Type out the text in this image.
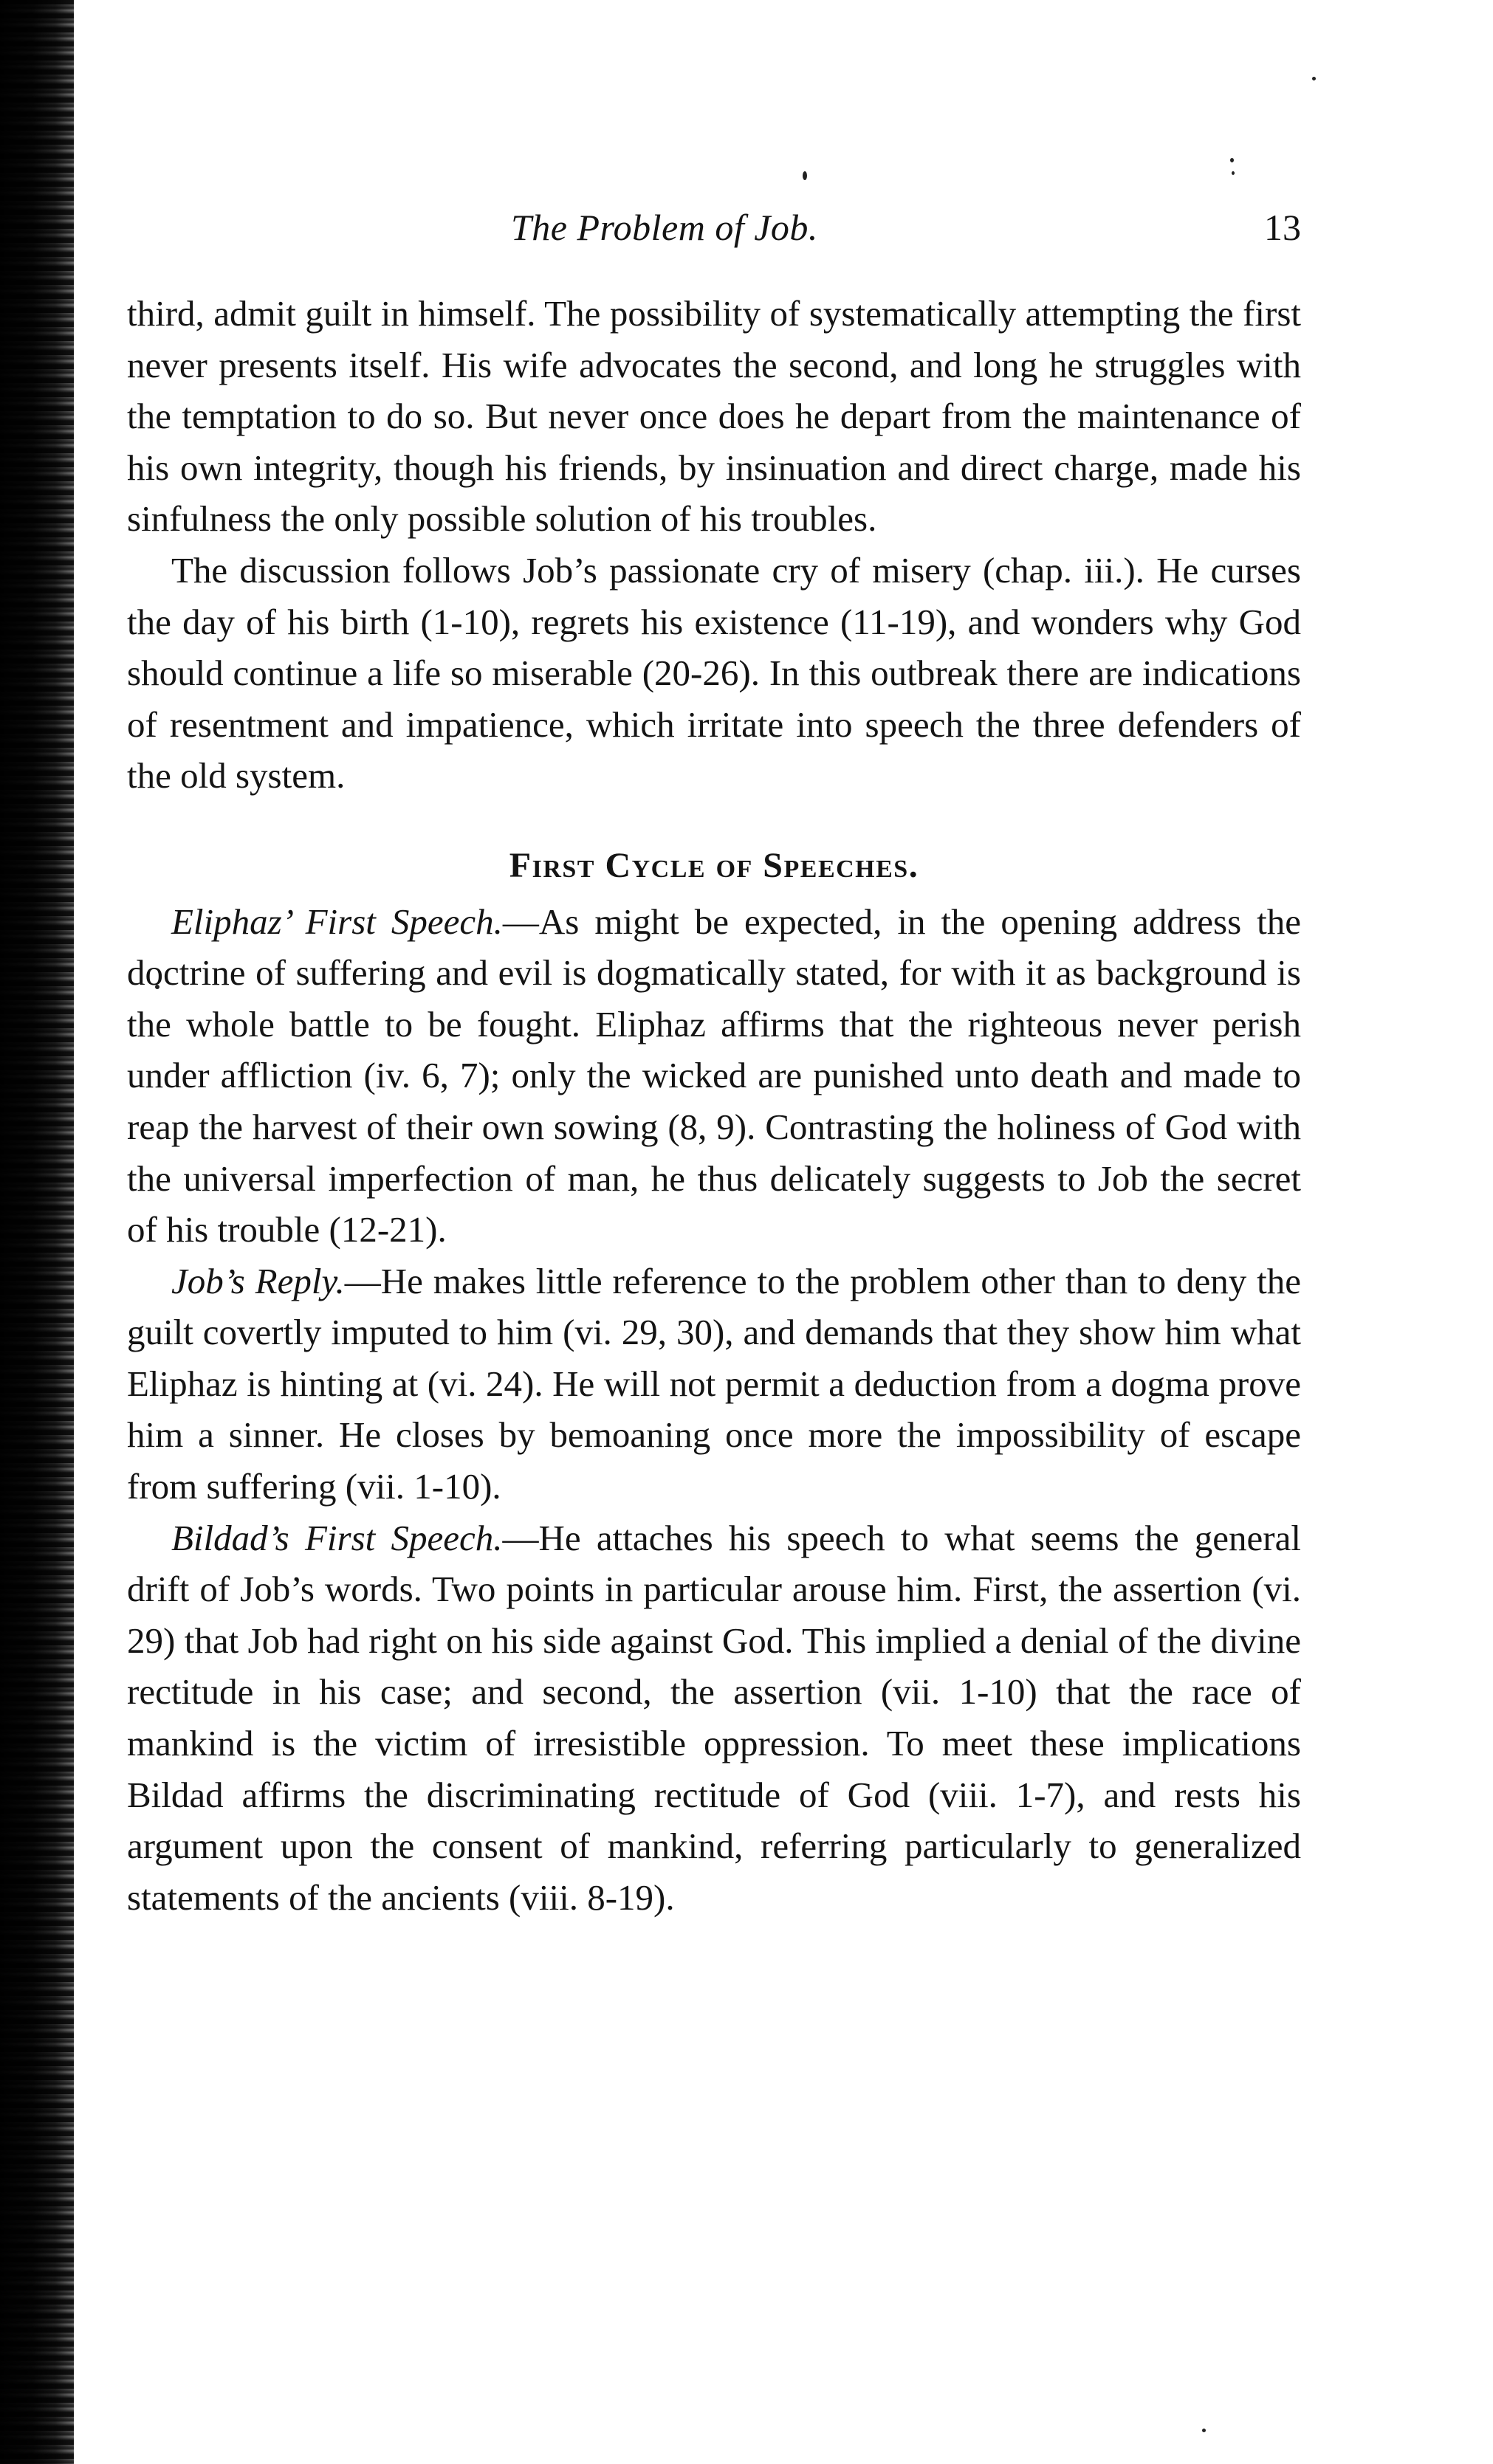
The Problem of Job.	13

third, admit guilt in himself. The possibility of systematically attempting the first never presents itself. His wife advocates the second, and long he struggles with the temptation to do so. But never once does he depart from the maintenance of his own integrity, though his friends, by insinuation and direct charge, made his sinfulness the only possible solution of his troubles.

The discussion follows Job’s passionate cry of misery (chap. iii.). He curses the day of his birth (1-10), regrets his existence (11-19), and wonders why God should continue a life so miserable (20-26). In this outbreak there are indications of resentment and impatience, which irritate into speech the three defenders of the old system.

First Cycle of Speeches.

Eliphaz’ First Speech.—As might be expected, in the opening address the doctrine of suffering and evil is dogmatically stated, for with it as background is the whole battle to be fought. Eliphaz affirms that the righteous never perish under affliction (iv. 6, 7); only the wicked are punished unto death and made to reap the harvest of their own sowing (8, 9). Contrasting the holiness of God with the universal imperfection of man, he thus delicately suggests to Job the secret of his trouble (12-21).

Job’s Reply.—He makes little reference to the problem other than to deny the guilt covertly imputed to him (vi. 29, 30), and demands that they show him what Eliphaz is hinting at (vi. 24). He will not permit a deduction from a dogma prove him a sinner. He closes by bemoaning once more the impossibility of escape from suffering (vii. 1-10).

Bildad’s First Speech.—He attaches his speech to what seems the general drift of Job’s words. Two points in particular arouse him. First, the assertion (vi. 29) that Job had right on his side against God. This implied a denial of the divine rectitude in his case; and second, the assertion (vii. 1-10) that the race of mankind is the victim of irresistible oppression. To meet these implications Bildad affirms the discriminating rectitude of God (viii. 1-7), and rests his argument upon the consent of mankind, referring particularly to generalized statements of the ancients (viii. 8-19).
